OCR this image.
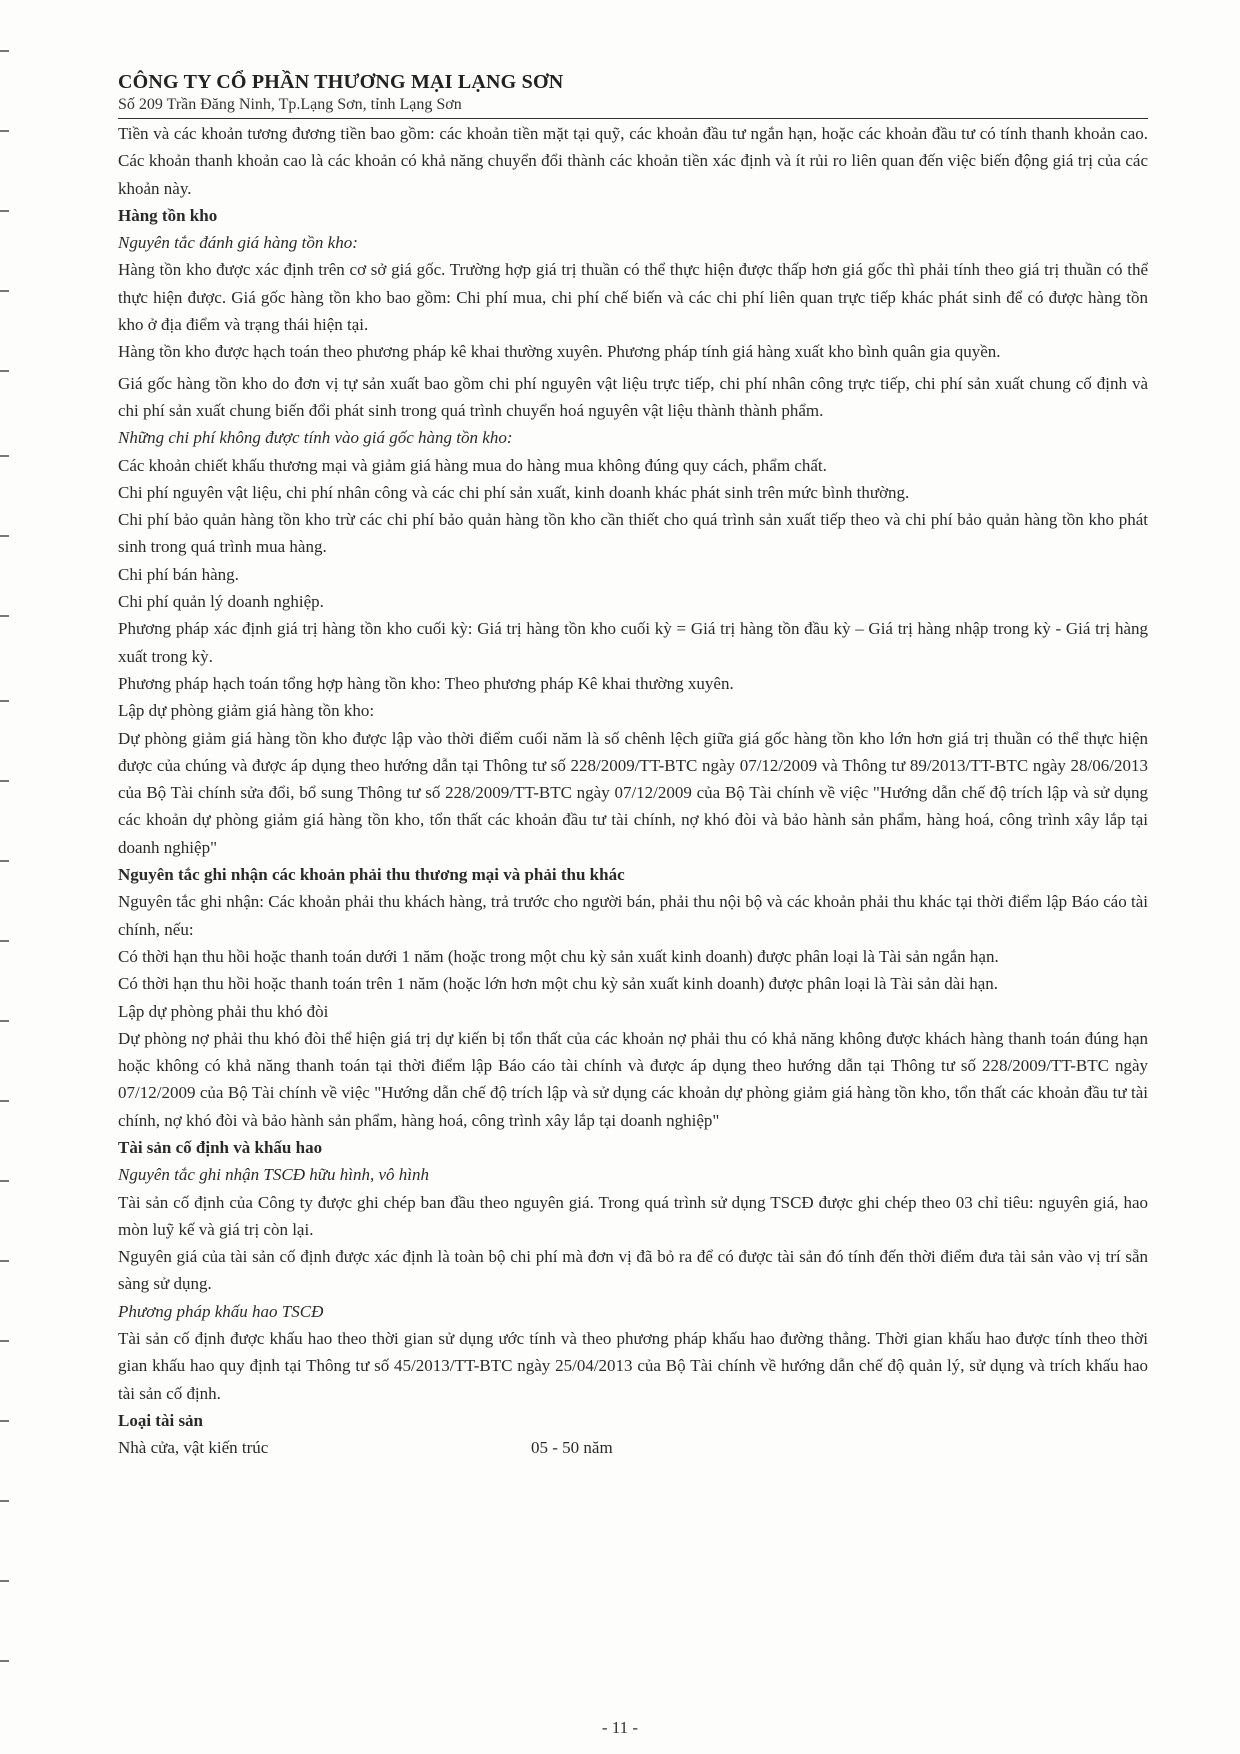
CÔNG TY CỔ PHẦN THƯƠNG MẠI LẠNG SƠN
Số 209 Trần Đăng Ninh, Tp.Lạng Sơn, tỉnh Lạng Sơn

Tiền và các khoản tương đương tiền bao gồm: các khoản tiền mặt tại quỹ, các khoản đầu tư ngắn hạn, hoặc các khoản đầu tư có tính thanh khoản cao. Các khoản thanh khoản cao là các khoản có khả năng chuyển đổi thành các khoản tiền xác định và ít rủi ro liên quan đến việc biến động giá trị của các khoản này.

Hàng tồn kho

Nguyên tắc đánh giá hàng tồn kho:

Hàng tồn kho được xác định trên cơ sở giá gốc. Trường hợp giá trị thuần có thể thực hiện được thấp hơn giá gốc thì phải tính theo giá trị thuần có thể thực hiện được. Giá gốc hàng tồn kho bao gồm: Chi phí mua, chi phí chế biến và các chi phí liên quan trực tiếp khác phát sinh để có được hàng tồn kho ở địa điểm và trạng thái hiện tại.

Hàng tồn kho được hạch toán theo phương pháp kê khai thường xuyên. Phương pháp tính giá hàng xuất kho bình quân gia quyền.

Giá gốc hàng tồn kho do đơn vị tự sản xuất bao gồm chi phí nguyên vật liệu trực tiếp, chi phí nhân công trực tiếp, chi phí sản xuất chung cố định và chi phí sản xuất chung biến đổi phát sinh trong quá trình chuyển hoá nguyên vật liệu thành thành phẩm.

Những chi phí không được tính vào giá gốc hàng tồn kho:

Các khoản chiết khấu thương mại và giảm giá hàng mua do hàng mua không đúng quy cách, phẩm chất.

Chi phí nguyên vật liệu, chi phí nhân công và các chi phí sản xuất, kinh doanh khác phát sinh trên mức bình thường.

Chi phí bảo quản hàng tồn kho trừ các chi phí bảo quản hàng tồn kho cần thiết cho quá trình sản xuất tiếp theo và chi phí bảo quản hàng tồn kho phát sinh trong quá trình mua hàng.

Chi phí bán hàng.

Chi phí quản lý doanh nghiệp.

Phương pháp xác định giá trị hàng tồn kho cuối kỳ: Giá trị hàng tồn kho cuối kỳ = Giá trị hàng tồn đầu kỳ – Giá trị hàng nhập trong kỳ - Giá trị hàng xuất trong kỳ.

Phương pháp hạch toán tổng hợp hàng tồn kho: Theo phương pháp Kê khai thường xuyên.

Lập dự phòng giảm giá hàng tồn kho:

Dự phòng giảm giá hàng tồn kho được lập vào thời điểm cuối năm là số chênh lệch giữa giá gốc hàng tồn kho lớn hơn giá trị thuần có thể thực hiện được của chúng và được áp dụng theo hướng dẫn tại Thông tư số 228/2009/TT-BTC ngày 07/12/2009 và Thông tư 89/2013/TT-BTC ngày 28/06/2013 của Bộ Tài chính sửa đổi, bổ sung Thông tư số 228/2009/TT-BTC ngày 07/12/2009 của Bộ Tài chính về việc "Hướng dẫn chế độ trích lập và sử dụng các khoản dự phòng giảm giá hàng tồn kho, tổn thất các khoản đầu tư tài chính, nợ khó đòi và bảo hành sản phẩm, hàng hoá, công trình xây lắp tại doanh nghiệp"

Nguyên tắc ghi nhận các khoản phải thu thương mại và phải thu khác

Nguyên tắc ghi nhận: Các khoản phải thu khách hàng, trả trước cho người bán, phải thu nội bộ và các khoản phải thu khác tại thời điểm lập Báo cáo tài chính, nếu:

Có thời hạn thu hồi hoặc thanh toán dưới 1 năm (hoặc trong một chu kỳ sản xuất kinh doanh) được phân loại là Tài sản ngắn hạn.

Có thời hạn thu hồi hoặc thanh toán trên 1 năm (hoặc lớn hơn một chu kỳ sản xuất kinh doanh) được phân loại là Tài sản dài hạn.

Lập dự phòng phải thu khó đòi

Dự phòng nợ phải thu khó đòi thể hiện giá trị dự kiến bị tổn thất của các khoản nợ phải thu có khả năng không được khách hàng thanh toán đúng hạn hoặc không có khả năng thanh toán tại thời điểm lập Báo cáo tài chính và được áp dụng theo hướng dẫn tại Thông tư số 228/2009/TT-BTC ngày 07/12/2009 của Bộ Tài chính về việc "Hướng dẫn chế độ trích lập và sử dụng các khoản dự phòng giảm giá hàng tồn kho, tổn thất các khoản đầu tư tài chính, nợ khó đòi và bảo hành sản phẩm, hàng hoá, công trình xây lắp tại doanh nghiệp"

Tài sản cố định và khấu hao

Nguyên tắc ghi nhận TSCĐ hữu hình, vô hình

Tài sản cố định của Công ty được ghi chép ban đầu theo nguyên giá. Trong quá trình sử dụng TSCĐ được ghi chép theo 03 chỉ tiêu: nguyên giá, hao mòn luỹ kế và giá trị còn lại.

Nguyên giá của tài sản cố định được xác định là toàn bộ chi phí mà đơn vị đã bỏ ra để có được tài sản đó tính đến thời điểm đưa tài sản vào vị trí sẵn sàng sử dụng.

Phương pháp khấu hao TSCĐ

Tài sản cố định được khấu hao theo thời gian sử dụng ước tính và theo phương pháp khấu hao đường thẳng. Thời gian khấu hao được tính theo thời gian khấu hao quy định tại Thông tư số 45/2013/TT-BTC ngày 25/04/2013 của Bộ Tài chính về hướng dẫn chế độ quản lý, sử dụng và trích khấu hao tài sản cố định.

Loại tài sản

Nhà cửa, vật kiến trúc	05 - 50 năm
- 11 -
